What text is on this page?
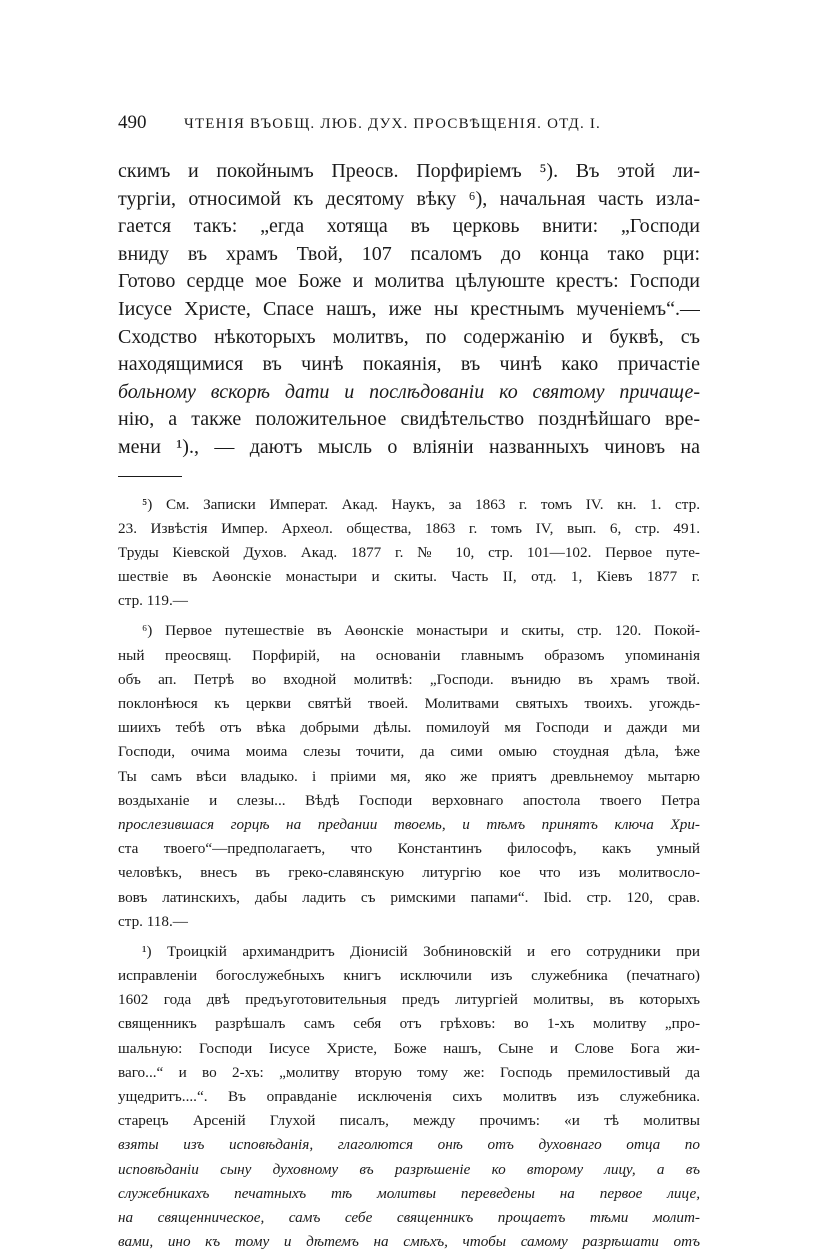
490	ЧТЕНІЯ ВЪОБЩ. ЛЮБ. ДУХ. ПРОСВѢЩЕНІЯ. ОТД. I.
скимъ и покойнымъ Преосв. Порфиріемъ ⁵). Въ этой ли-
тургіи, относимой къ десятому вѣку ⁶), начальная часть изла-
гается такъ: „егда хотяща въ церковь внити: „Господи
вниду въ храмъ Твой, 107 псаломъ до конца тако рци:
Готово сердце мое Боже и молитва цѣлуюште крестъ: Господи
Іисусе Христе, Спасе нашъ, иже ны крестнымъ мученіемъ“.—
Сходство нѣкоторыхъ молитвъ, по содержанію и буквѣ, съ
находящимися въ чинѣ покаянія, въ чинѣ како причастіе
больному вскорѣ дати и послѣдованіи ко святому причаще-
нію, а также положительное свидѣтельство позднѣйшаго вре-
мени ¹)., — даютъ мысль о вліяніи названныхъ чиновъ на
⁵) См. Записки Императ. Акад. Наукъ, за 1863 г. томъ IV. кн. 1. стр.
23. Извѣстія Импер. Археол. общества, 1863 г. томъ IV, вып. 6, стр. 491.
Труды Кіевской Духов. Акад. 1877 г. № 10, стр. 101—102. Первое путе-
шествіе въ Аѳонскіе монастыри и скиты. Часть II, отд. 1, Кіевъ 1877 г.
стр. 119.—
⁶) Первое путешествіе въ Аѳонскіе монастыри и скиты, стр. 120. Покой-
ный преосвящ. Порфирій, на основаніи главнымъ образомъ упоминанія
объ ап. Петрѣ во входной молитвѣ: „Господи. вънидю въ храмъ твой.
поклонѣюся къ церкви святѣй твоей. Молитвами святыхъ твоихъ. угождь-
шиихъ тебѣ отъ вѣка добрыми дѣлы. помилоуй мя Господи и дажди ми
Господи, очима моима слезы точити, да сими омыю стоудная дѣла, ѣже
Ты самъ вѣси владыко. і пріими мя, яко же приятъ древльнемоу мытарю
воздыханіе и слезы... Вѣдѣ Господи верховнаго апостола твоего Петра
прослезившася горцѣ на предании твоемь, и тѣмъ принятъ ключа Хри-
ста твоего“—предполагаетъ, что Константинъ философъ, какъ умный
человѣкъ, внесъ въ греко-славянскую литургію кое что изъ молитвосло-
вовъ латинскихъ, дабы ладить съ римскими папами“. Ibid. стр. 120, срав.
стр. 118.—
¹) Троицкій архимандритъ Діонисій Зобниновскій и его сотрудники при
исправленіи богослужебныхъ книгъ исключили изъ служебника (печатнаго)
1602 года двѣ предъуготовительныя предъ литургіей молитвы, въ которыхъ
священникъ разрѣшалъ самъ себя отъ грѣховъ: во 1-хъ молитву „про-
шальную: Господи Іисусе Христе, Боже нашъ, Сыне и Слове Бога жи-
ваго...“ и во 2-хъ: „молитву вторую тому же: Господь премилостивый да
ущедритъ....“. Въ оправданіе исключенія сихъ молитвъ изъ служебника.
старецъ Арсеній Глухой писалъ, между прочимъ: «и тѣ молитвы
взяты изъ исповѣданія, глаголются онѣ отъ духовнаго отца по
исповѣданіи сыну духовному въ разрѣшеніе ко второму лицу, а въ
служебникахъ печатныхъ тѣ молитвы переведены на первое лице,
на священническое, самъ себе священникъ прощаетъ тѣми молит-
вами, ино къ тому и дѣтемъ на смѣхъ, чтобы самому разрѣшати отъ
